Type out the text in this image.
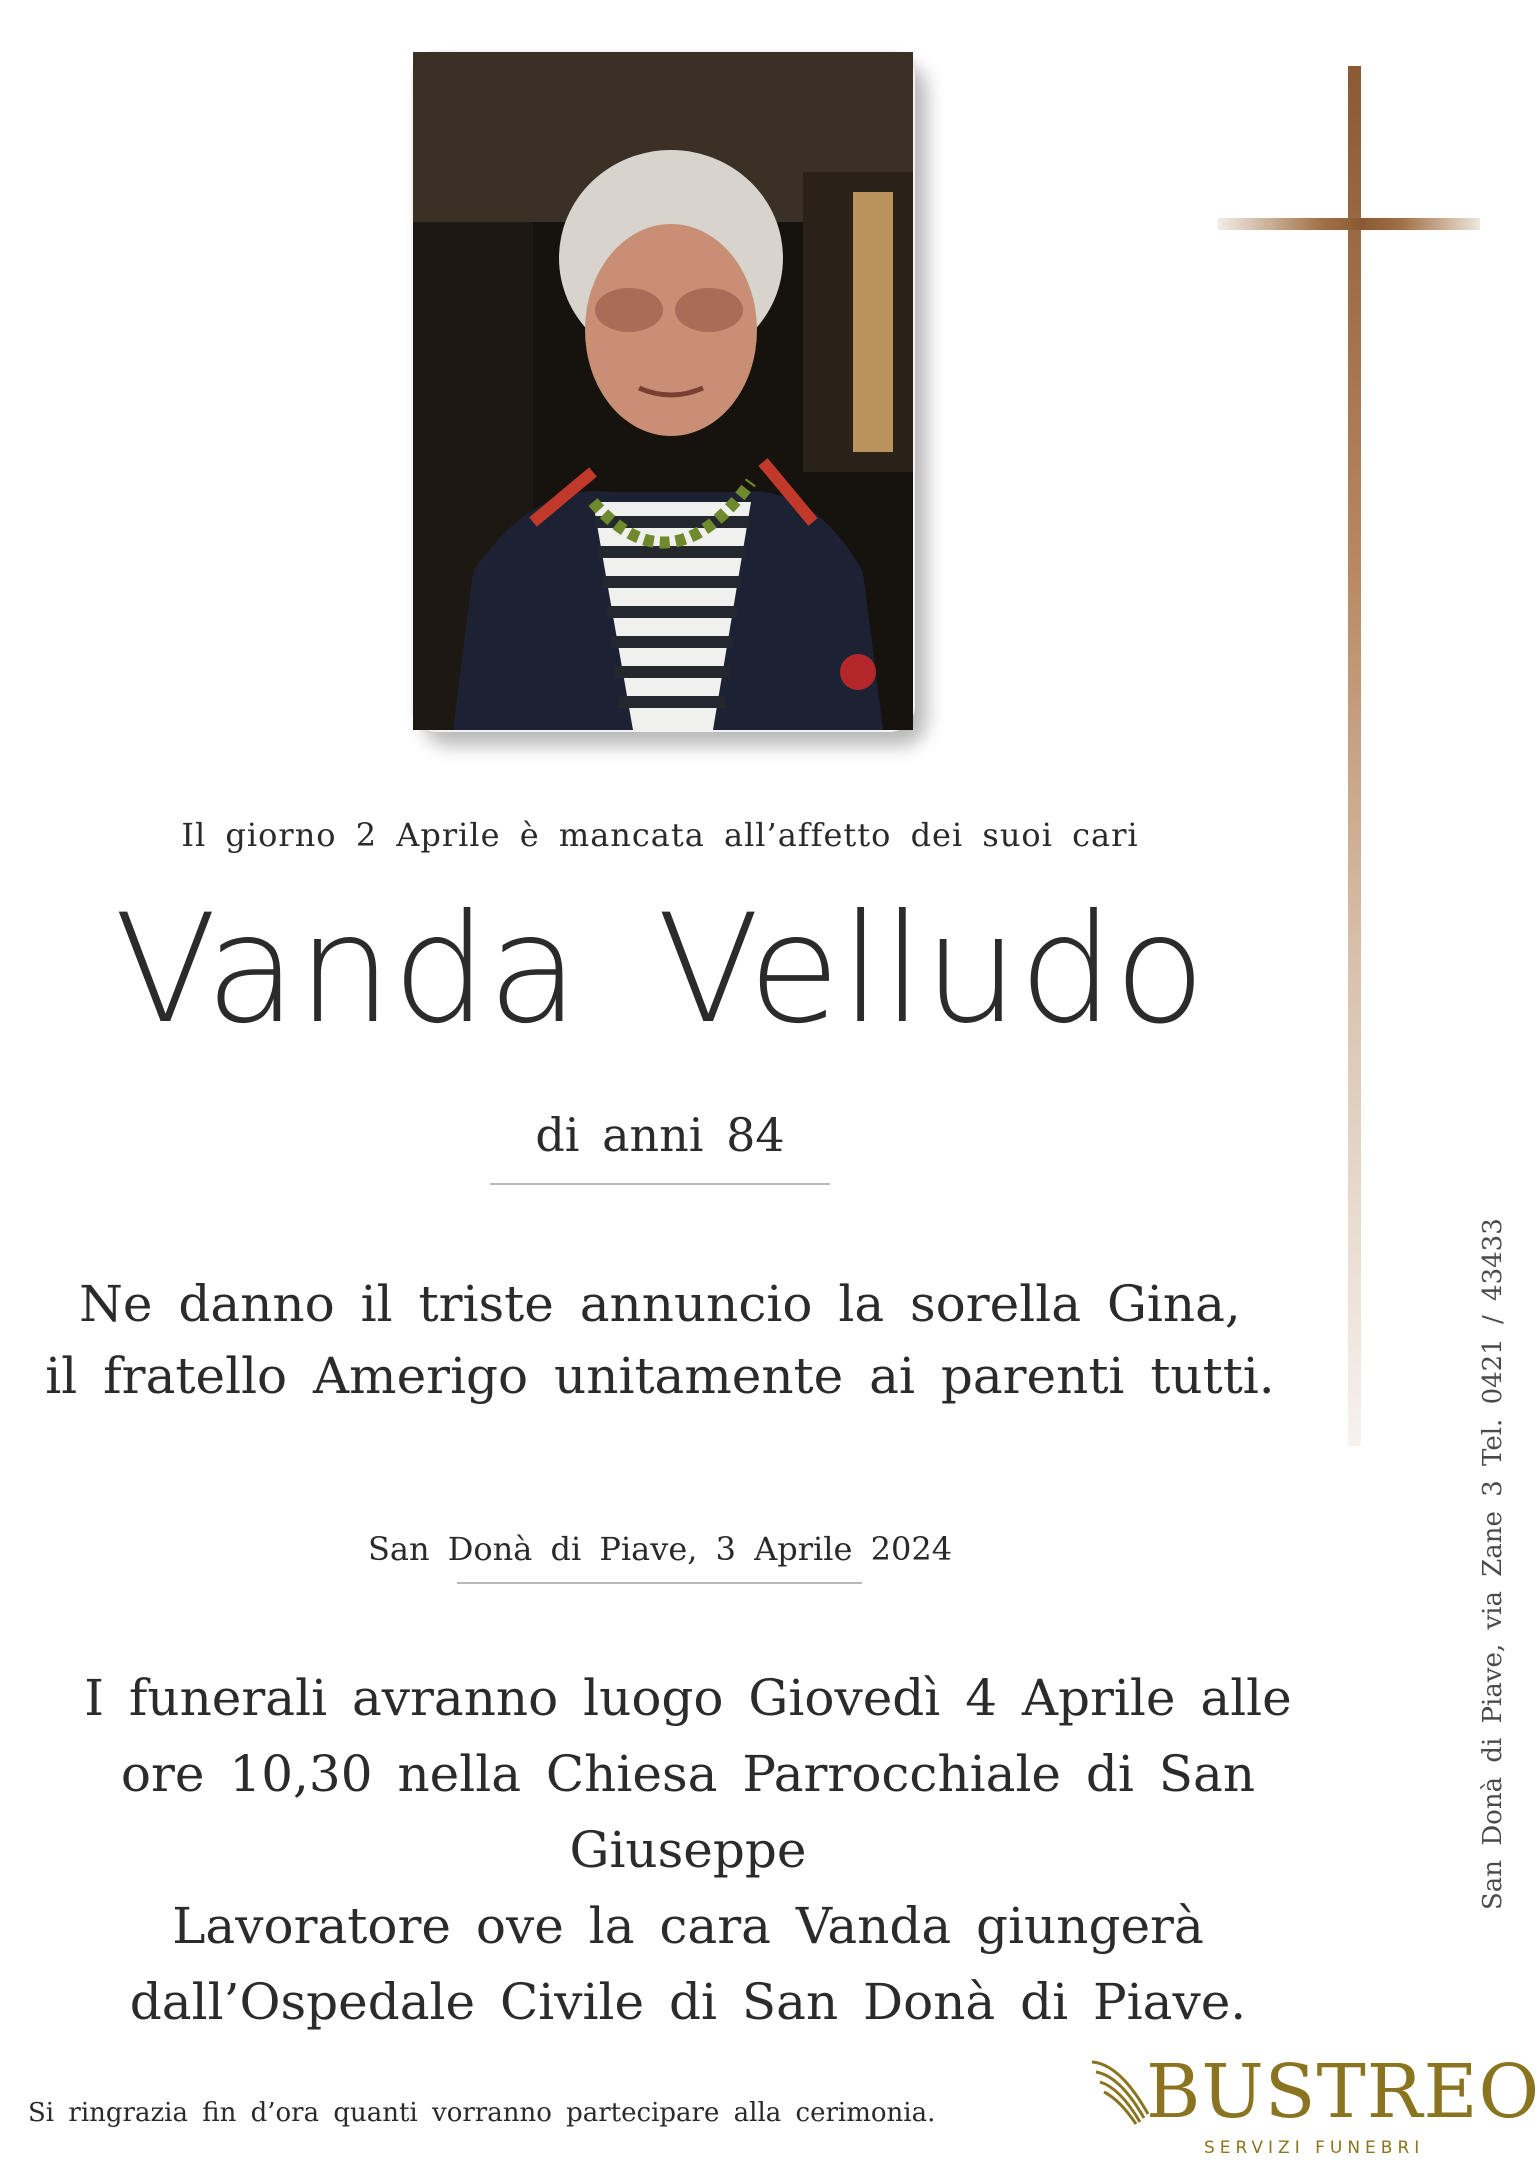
Il giorno 2 Aprile è mancata all’affetto dei suoi cari
Vanda Velludo
di anni 84
Ne danno il triste annuncio la sorella Gina,
il fratello Amerigo unitamente ai parenti tutti.
San Donà di Piave, 3 Aprile 2024
I funerali avranno luogo Giovedì 4 Aprile alle
ore 10,30 nella Chiesa Parrocchiale di San Giuseppe
Lavoratore ove la cara Vanda giungerà
dall’Ospedale Civile di San Donà di Piave.
Si ringrazia fin d’ora quanti vorranno partecipare alla cerimonia.
San Donà di Piave, via Zane 3 Tel. 0421 / 43433
BUSTREO
SERVIZI FUNEBRI
